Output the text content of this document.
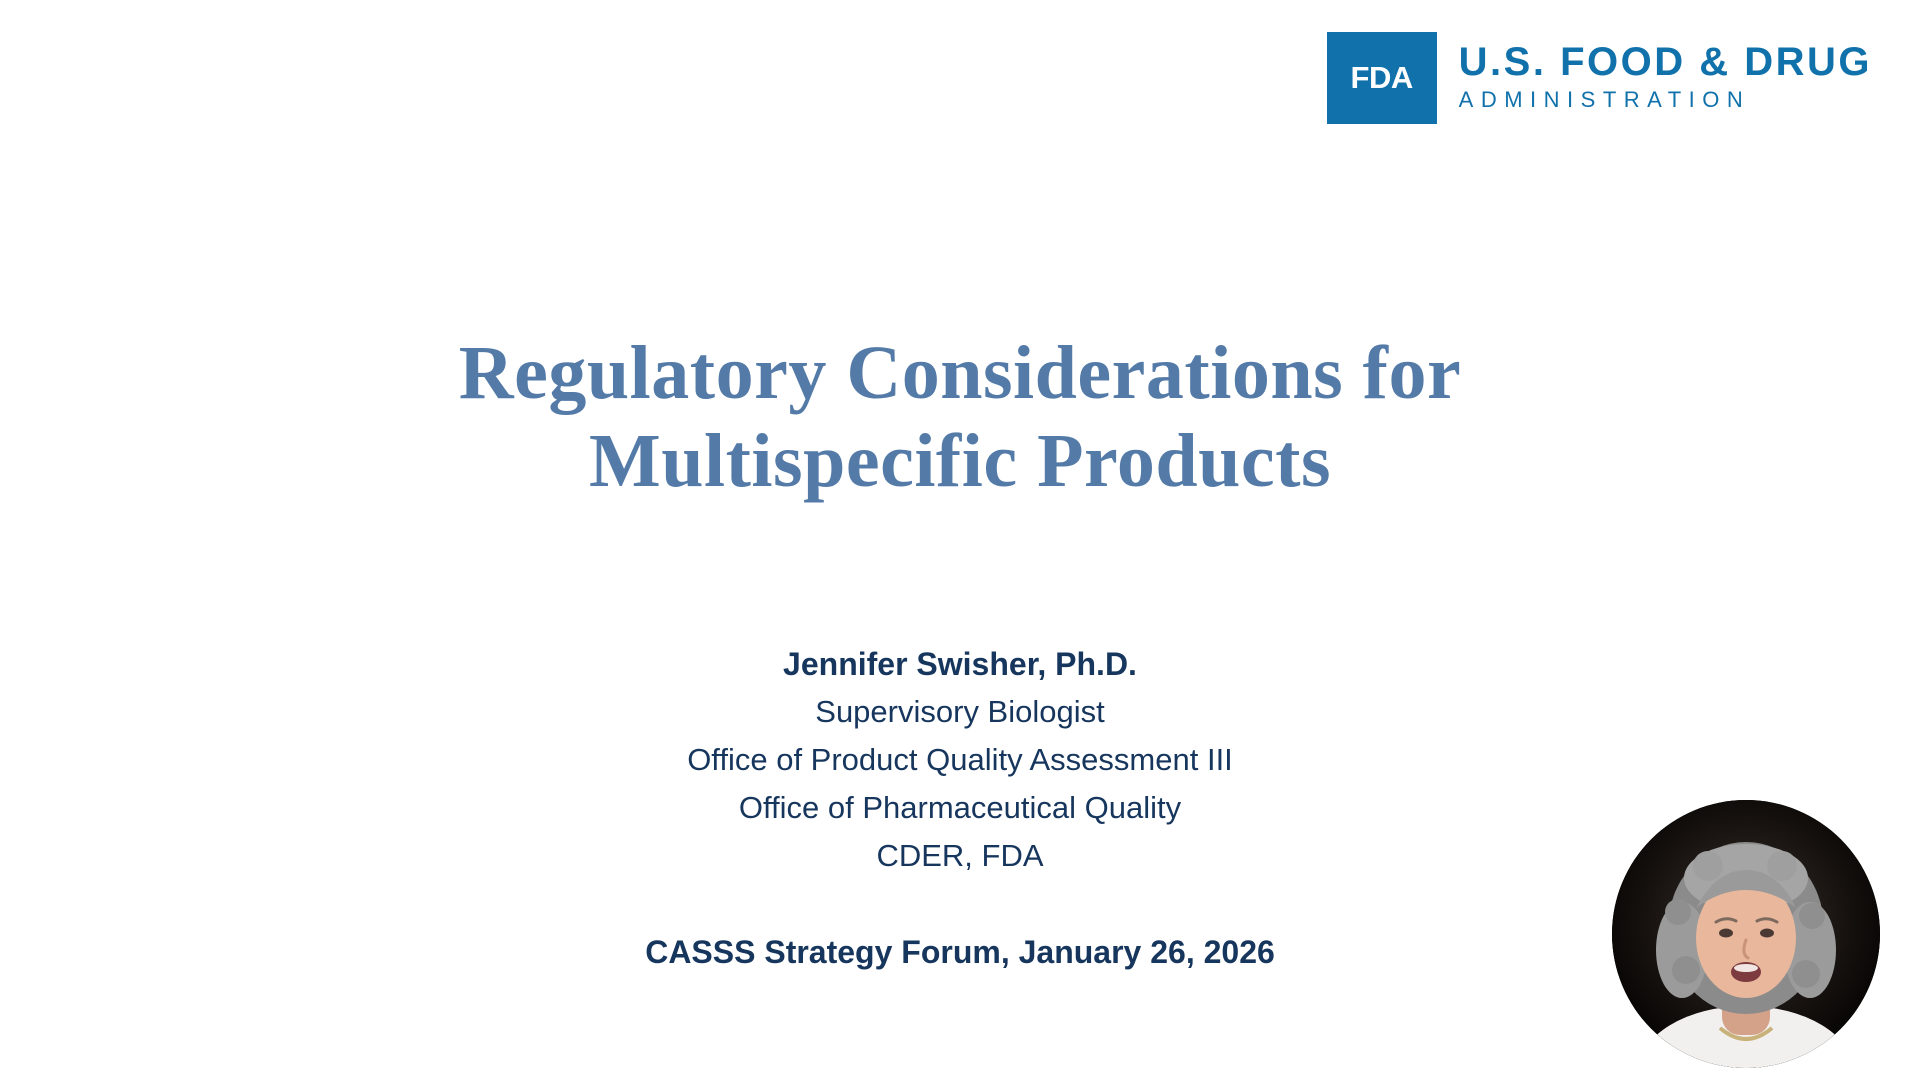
FDA U.S. FOOD & DRUG
ADMINISTRATION
Regulatory Considerations for Multispecific Products
Jennifer Swisher, Ph.D.
Supervisory Biologist
Office of Product Quality Assessment III
Office of Pharmaceutical Quality
CDER, FDA
CASSS Strategy Forum, January 26, 2026
